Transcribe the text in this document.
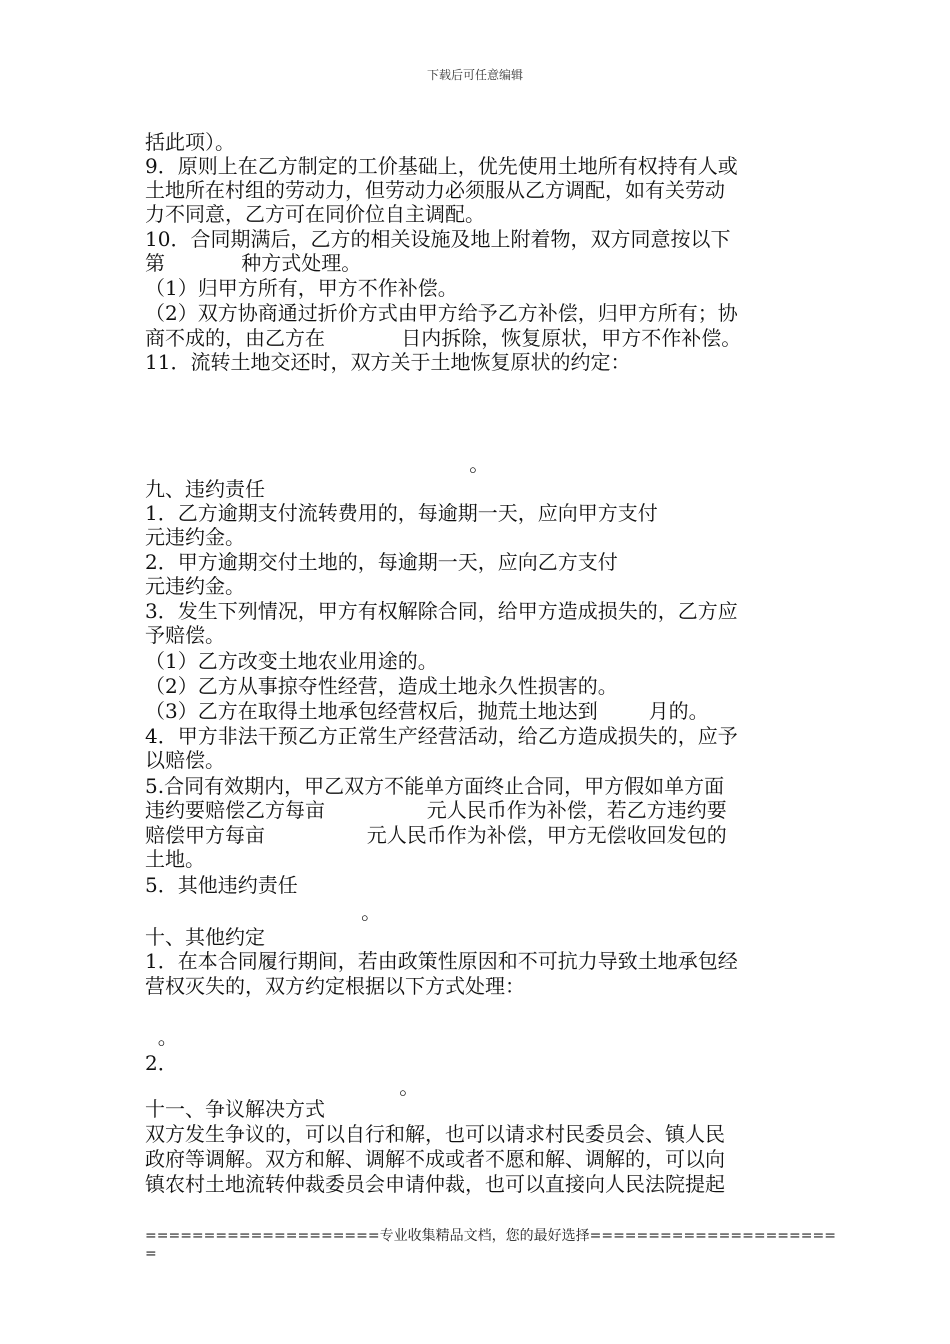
下载后可任意编辑
括此项）。
9．原则上在乙方制定的工价基础上，优先使用土地所有权持有人或
土地所在村组的劳动力，但劳动力必须服从乙方调配，如有关劳动
力不同意，乙方可在同价位自主调配。
10．合同期满后，乙方的相关设施及地上附着物，双方同意按以下
第            种方式处理。
（1）归甲方所有，甲方不作补偿。
（2）双方协商通过折价方式由甲方给予乙方补偿，归甲方所有；协
商不成的，由乙方在            日内拆除，恢复原状，甲方不作补偿。
11．流转土地交还时，双方关于土地恢复原状的约定：
。
九、违约责任
1．乙方逾期支付流转费用的，每逾期一天，应向甲方支付
元违约金。
2．甲方逾期交付土地的，每逾期一天，应向乙方支付
元违约金。
3．发生下列情况，甲方有权解除合同，给甲方造成损失的，乙方应
予赔偿。
（1）乙方改变土地农业用途的。
（2）乙方从事掠夺性经营，造成土地永久性损害的。
（3）乙方在取得土地承包经营权后，抛荒土地达到        月的。
4．甲方非法干预乙方正常生产经营活动，给乙方造成损失的，应予
以赔偿。
5.合同有效期内，甲乙双方不能单方面终止合同，甲方假如单方面
违约要赔偿乙方每亩                元人民币作为补偿，若乙方违约要
赔偿甲方每亩                元人民币作为补偿，甲方无偿收回发包的
土地。
5．其他违约责任
。
十、其他约定
1．在本合同履行期间，若由政策性原因和不可抗力导致土地承包经
营权灭失的，双方约定根据以下方式处理：
。
2．
。
十一、争议解决方式
双方发生争议的，可以自行和解，也可以请求村民委员会、镇人民
政府等调解。双方和解、调解不成或者不愿和解、调解的，可以向
镇农村土地流转仲裁委员会申请仲裁，也可以直接向人民法院提起
====================专业收集精品文档，您的最好选择=====================
=
